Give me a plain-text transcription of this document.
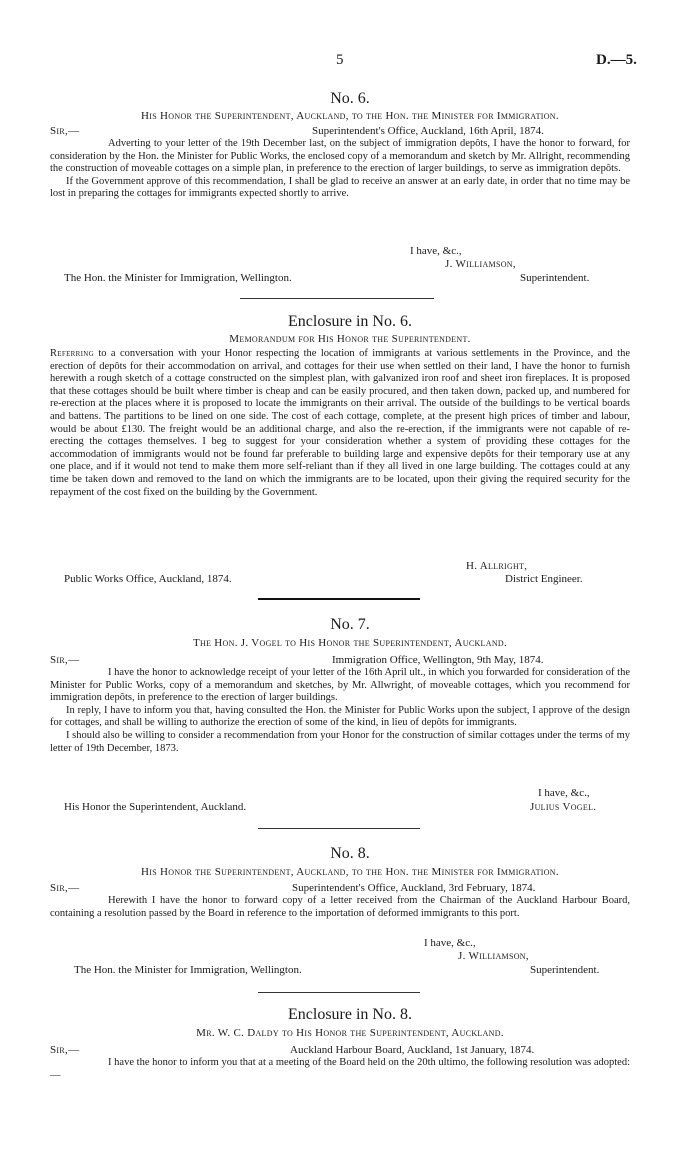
5	D.—5.
No. 6.
His Honor the Superintendent, Auckland, to the Hon. the Minister for Immigration.
Sir,—	Superintendent's Office, Auckland, 16th April, 1874.

Adverting to your letter of the 19th December last, on the subject of immigration depôts, I have the honor to forward, for consideration by the Hon. the Minister for Public Works, the enclosed copy of a memorandum and sketch by Mr. Allright, recommending the construction of moveable cottages on a simple plan, in preference to the erection of larger buildings, to serve as immigration depôts.

If the Government approve of this recommendation, I shall be glad to receive an answer at an early date, in order that no time may be lost in preparing the cottages for immigrants expected shortly to arrive.

I have, &c.,
J. Williamson,
The Hon. the Minister for Immigration, Wellington.	Superintendent.
Enclosure in No. 6.
Memorandum for His Honor the Superintendent.

Referring to a conversation with your Honor respecting the location of immigrants at various settlements in the Province, and the erection of depôts for their accommodation on arrival, and cottages for their use when settled on their land, I have the honor to furnish herewith a rough sketch of a cottage constructed on the simplest plan, with galvanized iron roof and sheet iron fireplaces. It is proposed that these cottages should be built where timber is cheap and can be easily procured, and then taken down, packed up, and numbered for re-erection at the places where it is proposed to locate the immigrants on their arrival. The outside of the buildings to be vertical boards and battens. The partitions to be lined on one side. The cost of each cottage, complete, at the present high prices of timber and labour, would be about £130. The freight would be an additional charge, and also the re-erection, if the immigrants were not capable of re-erecting the cottages themselves. I beg to suggest for your consideration whether a system of providing these cottages for the accommodation of immigrants would not be found far preferable to building large and expensive depôts for their temporary use at any one place, and if it would not tend to make them more self-reliant than if they all lived in one large building. The cottages could at any time be taken down and removed to the land on which the immigrants are to be located, upon their giving the required security for the repayment of the cost fixed on the building by the Government.

H. Allright,
Public Works Office, Auckland, 1874.	District Engineer.
No. 7.
The Hon. J. Vogel to His Honor the Superintendent, Auckland.
Sir,—	Immigration Office, Wellington, 9th May, 1874.

I have the honor to acknowledge receipt of your letter of the 16th April ult., in which you forwarded for consideration of the Minister for Public Works, copy of a memorandum and sketches, by Mr. Allwright, of moveable cottages, which you recommend for immigration depôts, in preference to the erection of larger buildings.

In reply, I have to inform you that, having consulted the Hon. the Minister for Public Works upon the subject, I approve of the design for cottages, and shall be willing to authorize the erection of some of the kind, in lieu of depôts for immigrants.

I should also be willing to consider a recommendation from your Honor for the construction of similar cottages under the terms of my letter of 19th December, 1873.

I have, &c.,
His Honor the Superintendent, Auckland.	Julius Vogel.
No. 8.
His Honor the Superintendent, Auckland, to the Hon. the Minister for Immigration.
Sir,—	Superintendent's Office, Auckland, 3rd February, 1874.

Herewith I have the honor to forward copy of a letter received from the Chairman of the Auckland Harbour Board, containing a resolution passed by the Board in reference to the importation of deformed immigrants to this port.

I have, &c.,
J. Williamson,
The Hon. the Minister for Immigration, Wellington.	Superintendent.
Enclosure in No. 8.
Mr. W. C. Daldy to His Honor the Superintendent, Auckland.
Sir,—	Auckland Harbour Board, Auckland, 1st January, 1874.

I have the honor to inform you that at a meeting of the Board held on the 20th ultimo, the following resolution was adopted:—
